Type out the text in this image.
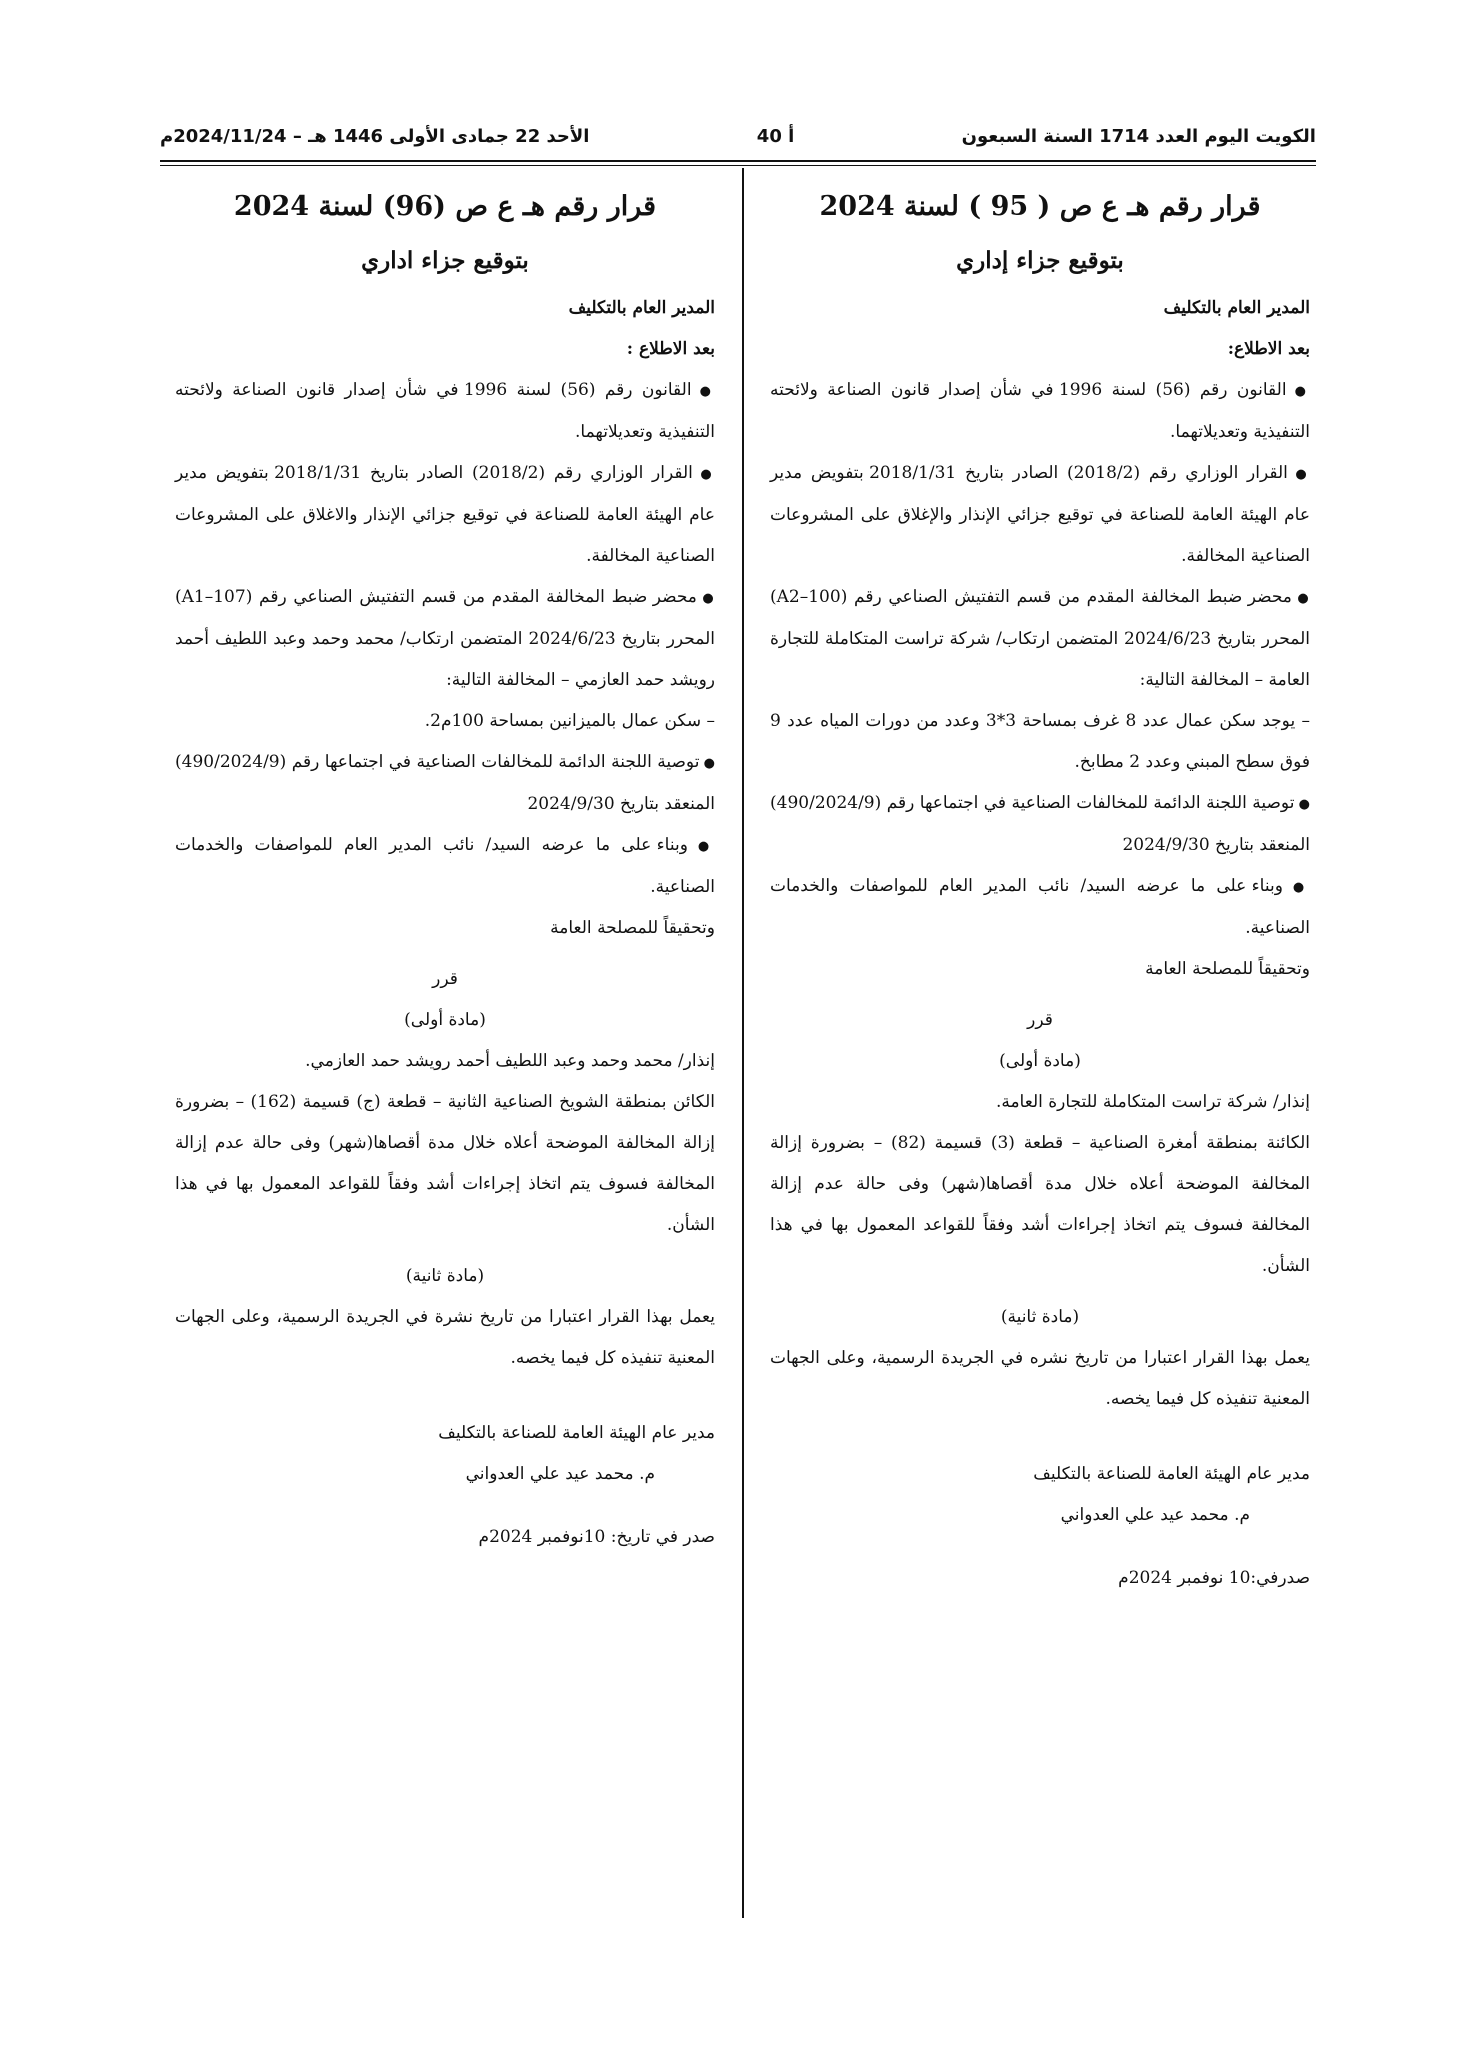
الأحد 22 جمادى الأولى 1446 هـ – 2024/11/24م	أ 40	الكويت اليوم العدد 1714 السنة السبعون

قرار رقم هـ ع ص ( 95 ) لسنة 2024

بتوقيع جزاء إداري

المدير العام بالتكليف

بعد الاطلاع:

● القانون رقم (56) لسنة 1996 في شأن إصدار قانون الصناعة ولائحته التنفيذية وتعديلاتهما.

● القرار الوزاري رقم (2018/2) الصادر بتاريخ 2018/1/31 بتفويض مدير عام الهيئة العامة للصناعة في توقيع جزائي الإنذار والإغلاق على المشروعات الصناعية المخالفة.

● محضر ضبط المخالفة المقدم من قسم التفتيش الصناعي رقم (A2–100) المحرر بتاريخ 2024/6/23 المتضمن ارتكاب/ شركة تراست المتكاملة للتجارة العامة – المخالفة التالية:

– يوجد سكن عمال عدد 8 غرف بمساحة 3*3 وعدد من دورات المياه عدد 9 فوق سطح المبني وعدد 2 مطابخ.

● توصية اللجنة الدائمة للمخالفات الصناعية في اجتماعها رقم (490/2024/9) المنعقد بتاريخ 2024/9/30

● وبناء على ما عرضه السيد/ نائب المدير العام للمواصفات والخدمات الصناعية.

وتحقيقاً للمصلحة العامة

قرر

(مادة أولى)

إنذار/ شركة تراست المتكاملة للتجارة العامة.

الكائنة بمنطقة أمغرة الصناعية – قطعة (3) قسيمة (82) – بضرورة إزالة المخالفة الموضحة أعلاه خلال مدة أقصاها(شهر) وفى حالة عدم إزالة المخالفة فسوف يتم اتخاذ إجراءات أشد وفقاً للقواعد المعمول بها في هذا الشأن.

(مادة ثانية)

يعمل بهذا القرار اعتبارا من تاريخ نشره في الجريدة الرسمية، وعلى الجهات المعنية تنفيذه كل فيما يخصه.

مدير عام الهيئة العامة للصناعة بالتكليف

م. محمد عيد علي العدواني

صدرفي:10 نوفمبر 2024م

قرار رقم هـ ع ص (96) لسنة 2024

بتوقيع جزاء اداري

المدير العام بالتكليف

بعد الاطلاع :

● القانون رقم (56) لسنة 1996 في شأن إصدار قانون الصناعة ولائحته التنفيذية وتعديلاتهما.

● القرار الوزاري رقم (2018/2) الصادر بتاريخ 2018/1/31 بتفويض مدير عام الهيئة العامة للصناعة في توقيع جزائي الإنذار والاغلاق على المشروعات الصناعية المخالفة.

● محضر ضبط المخالفة المقدم من قسم التفتيش الصناعي رقم (A1–107) المحرر بتاريخ 2024/6/23 المتضمن ارتكاب/ محمد وحمد وعبد اللطيف أحمد رويشد حمد العازمي – المخالفة التالية:

– سكن عمال بالميزانين بمساحة 100م2.

● توصية اللجنة الدائمة للمخالفات الصناعية في اجتماعها رقم (490/2024/9) المنعقد بتاريخ 2024/9/30

● وبناء على ما عرضه السيد/ نائب المدير العام للمواصفات والخدمات الصناعية.

وتحقيقاً للمصلحة العامة

قرر

(مادة أولى)

إنذار/ محمد وحمد وعبد اللطيف أحمد رويشد حمد العازمي.

الكائن بمنطقة الشويخ الصناعية الثانية – قطعة (ج) قسيمة (162) – بضرورة إزالة المخالفة الموضحة أعلاه خلال مدة أقصاها(شهر) وفى حالة عدم إزالة المخالفة فسوف يتم اتخاذ إجراءات أشد وفقاً للقواعد المعمول بها في هذا الشأن.

(مادة ثانية)

يعمل بهذا القرار اعتبارا من تاريخ نشرة في الجريدة الرسمية، وعلى الجهات المعنية تنفيذه كل فيما يخصه.

مدير عام الهيئة العامة للصناعة بالتكليف

م. محمد عيد علي العدواني

صدر في تاريخ: 10نوفمبر 2024م
